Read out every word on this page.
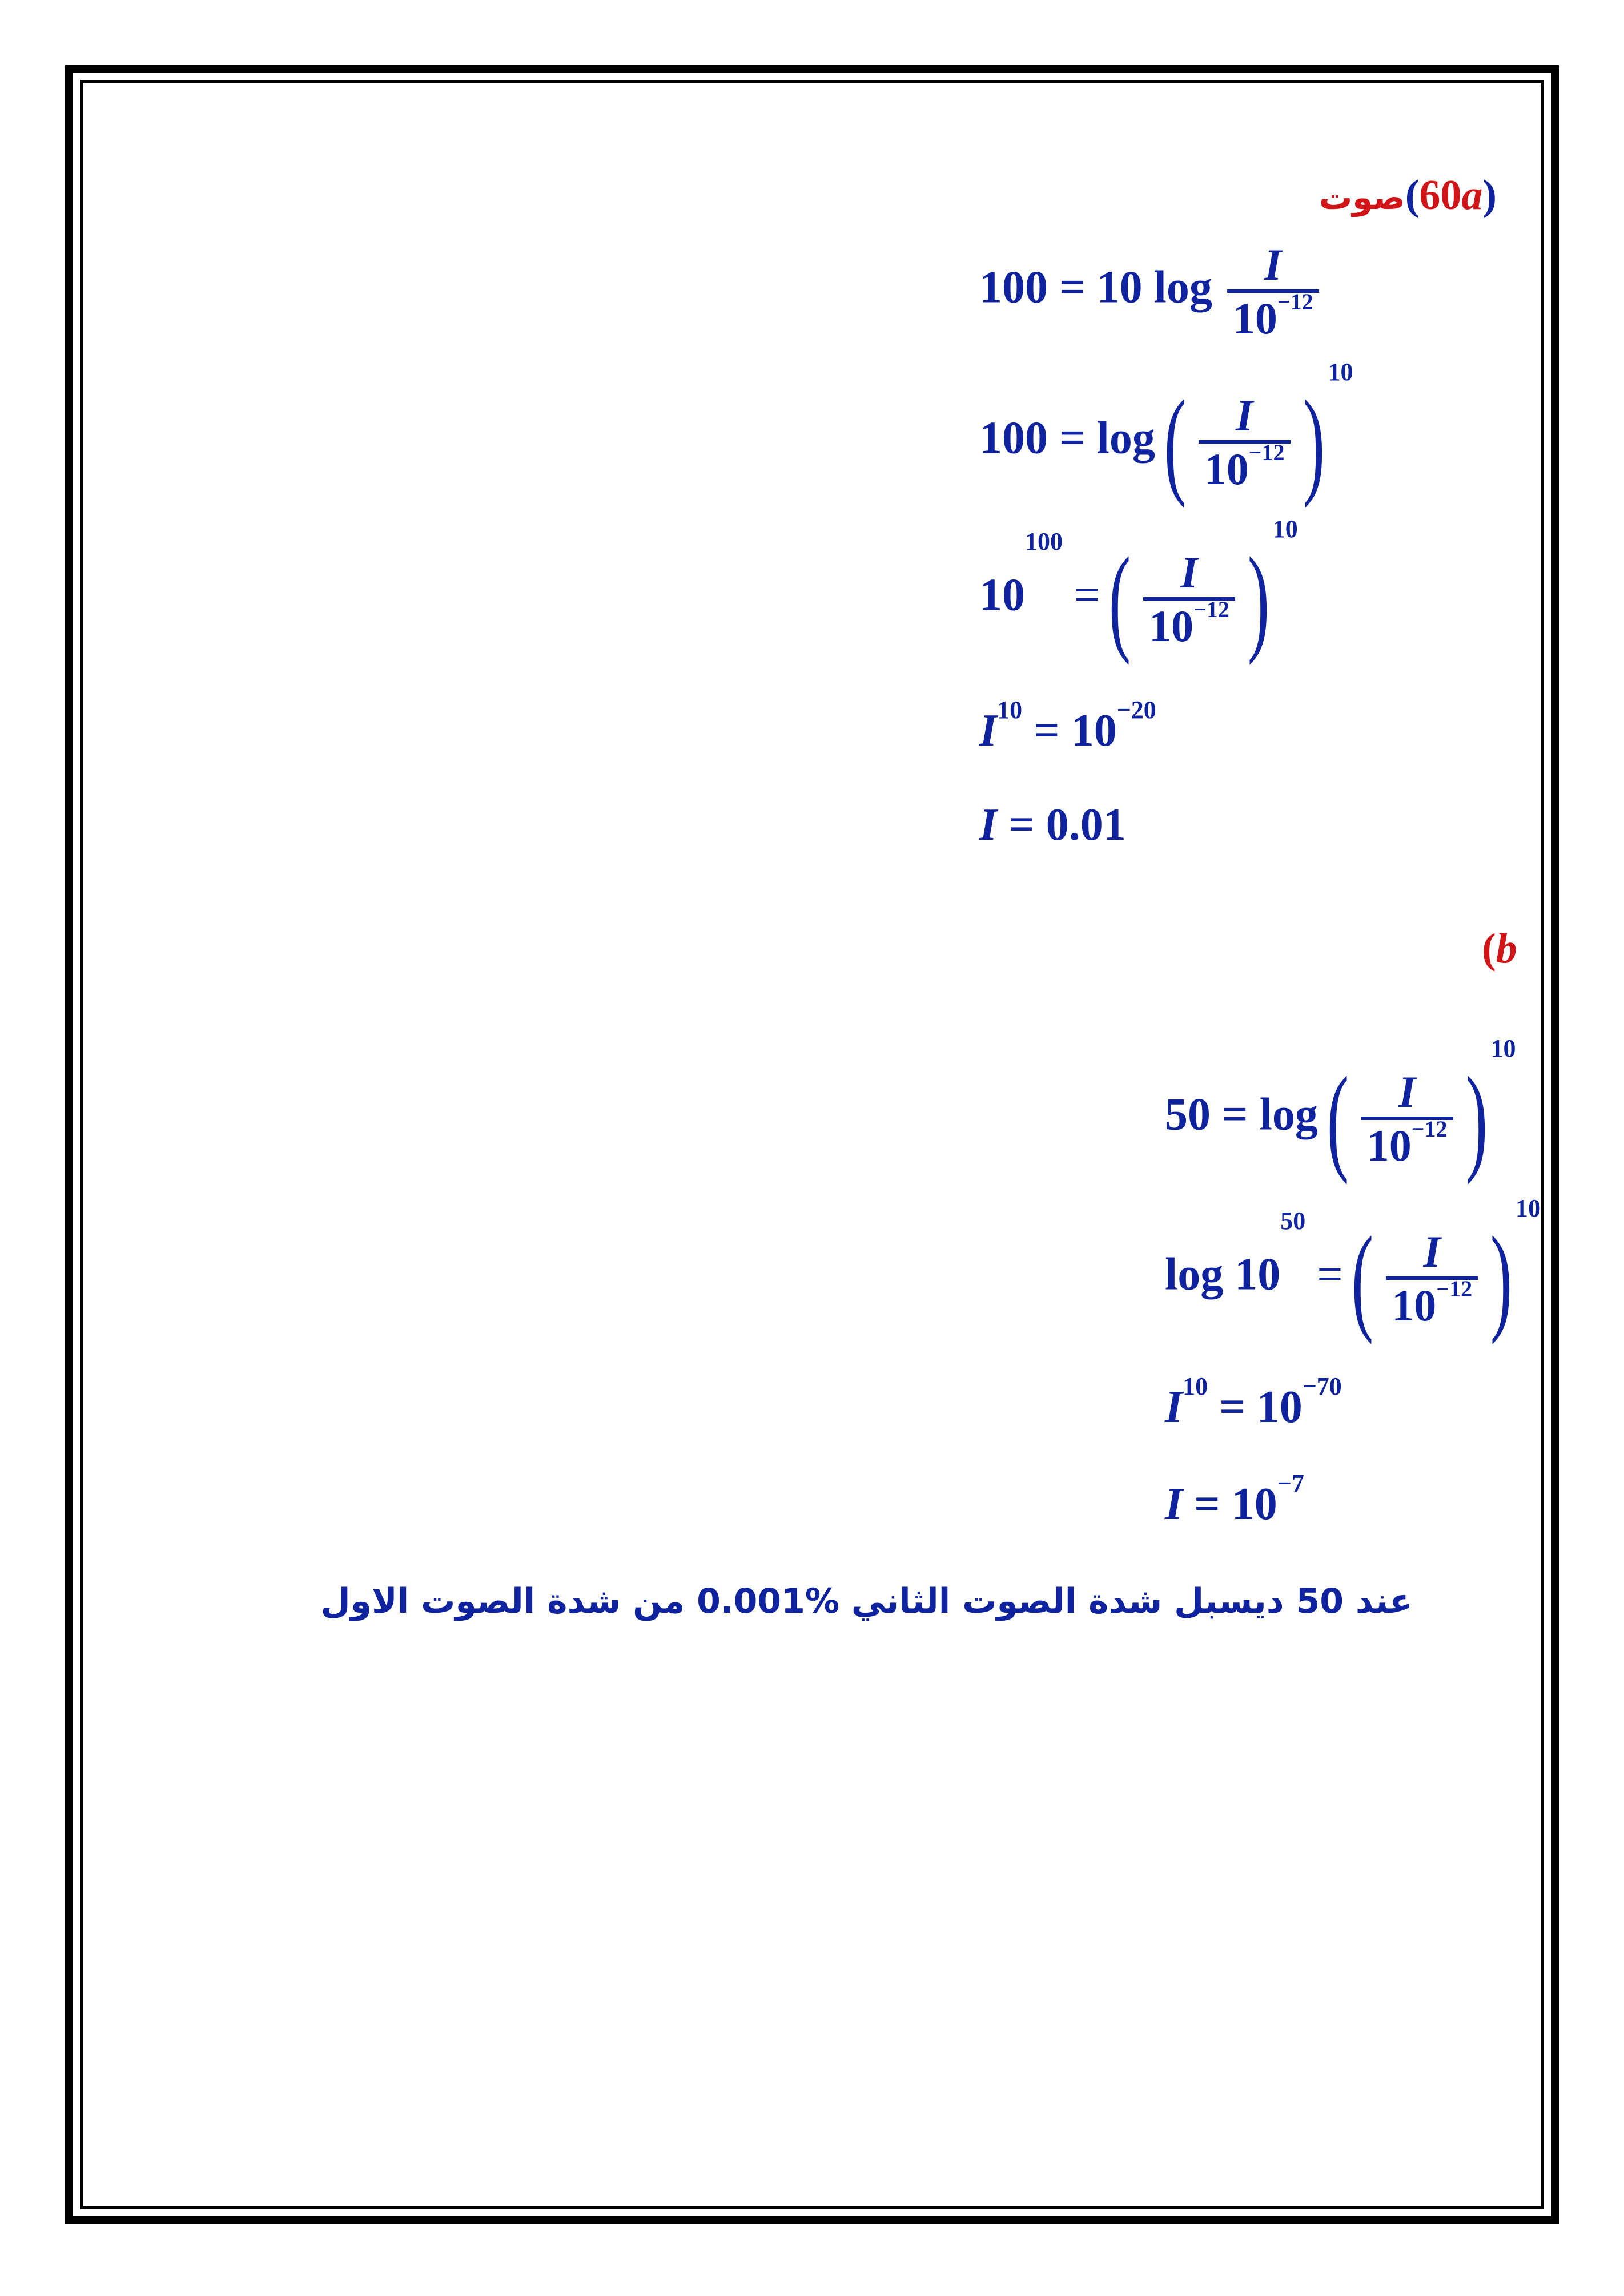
صوت(60a)
100 = 10 $\log \frac{I}{10^{-12}}$
$100 = \log( \frac{I}{10^{-12}} )^{10}$
$10^{100}$ =( $\frac{I}{10^{-12}} )^{10}$
$I^{10} = 10^{-20}$
I = 0.01
(b
$50 = \log( \frac{I}{10^{-12}} )^{10}$
$\log 10^{50}$ =( $\frac{I}{10^{-12}} )^{10}$
$I^{10} = 10^{-70}$
$I = 10^{-7}$
عند 50 ديسبل شدة الصوت الثاني %0.001 من شدة الصوت الاول
